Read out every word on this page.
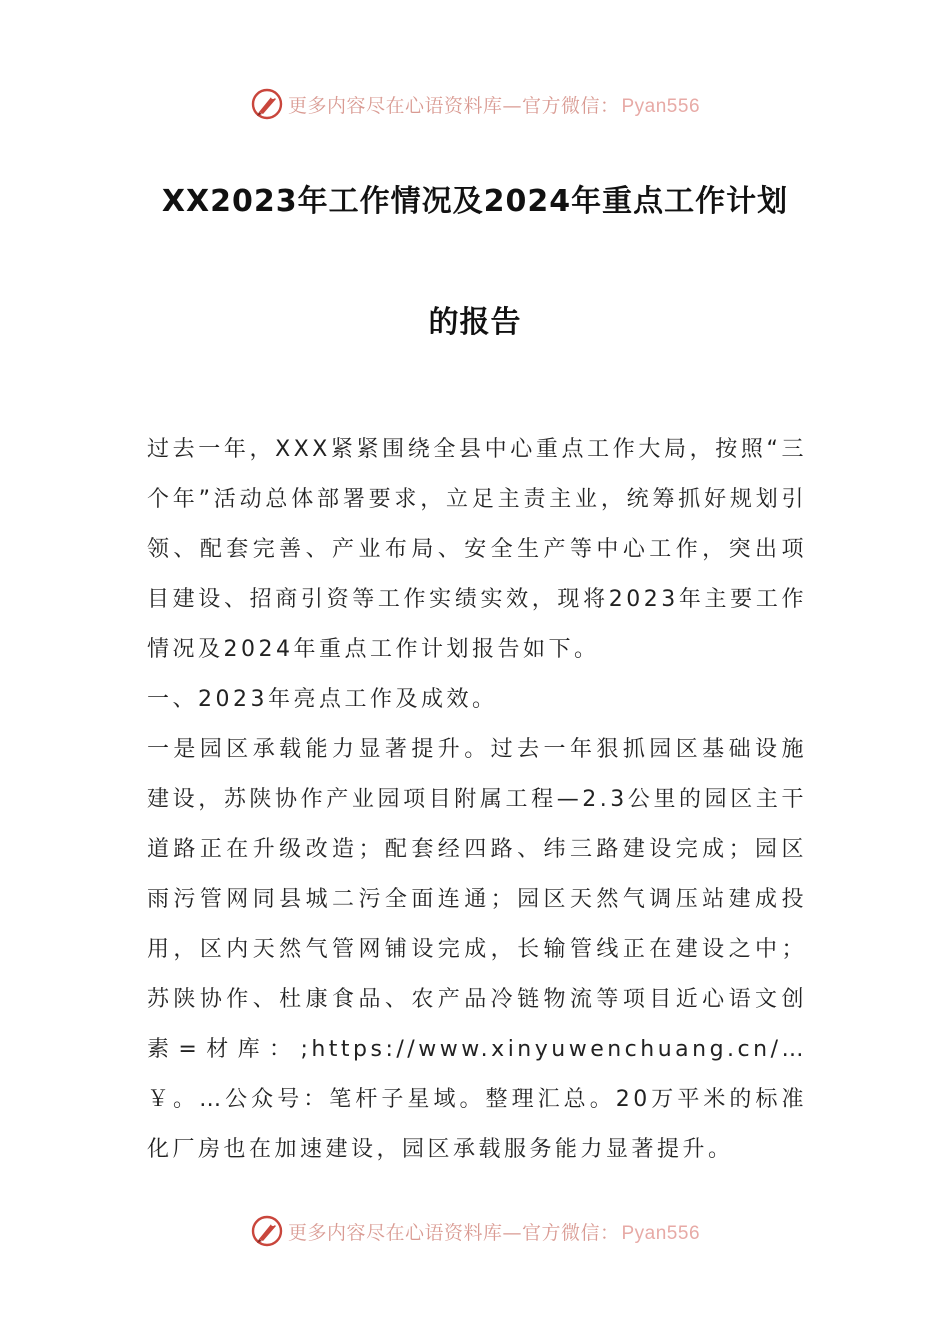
更多内容尽在心语资料库—官方微信： Pyan556
XX2023年工作情况及2024年重点工作计划
的报告

过去一年，XXX紧紧围绕全县中心重点工作大局，按照“三个年”活动总体部署要求，立足主责主业，统筹抓好规划引领、配套完善、产业布局、安全生产等中心工作，突出项目建设、招商引资等工作实绩实效，现将2023年主要工作情况及2024年重点工作计划报告如下。

一、2023年亮点工作及成效。

一是园区承载能力显著提升。过去一年狠抓园区基础设施建设，苏陕协作产业园项目附属工程—2.3公里的园区主干道路正在升级改造；配套经四路、纬三路建设完成；园区雨污管网同县城二污全面连通；园区天然气调压站建成投用，区内天然气管网铺设完成，长输管线正在建设之中；苏陕协作、杜康食品、农产品冷链物流等项目近心语文创素=材库：;https://www.xinyuwenchuang.cn/…￥。…公众号：笔杆子星域。整理汇总。20万平米的标准化厂房也在加速建设，园区承载服务能力显著提升。

更多内容尽在心语资料库—官方微信： Pyan556
